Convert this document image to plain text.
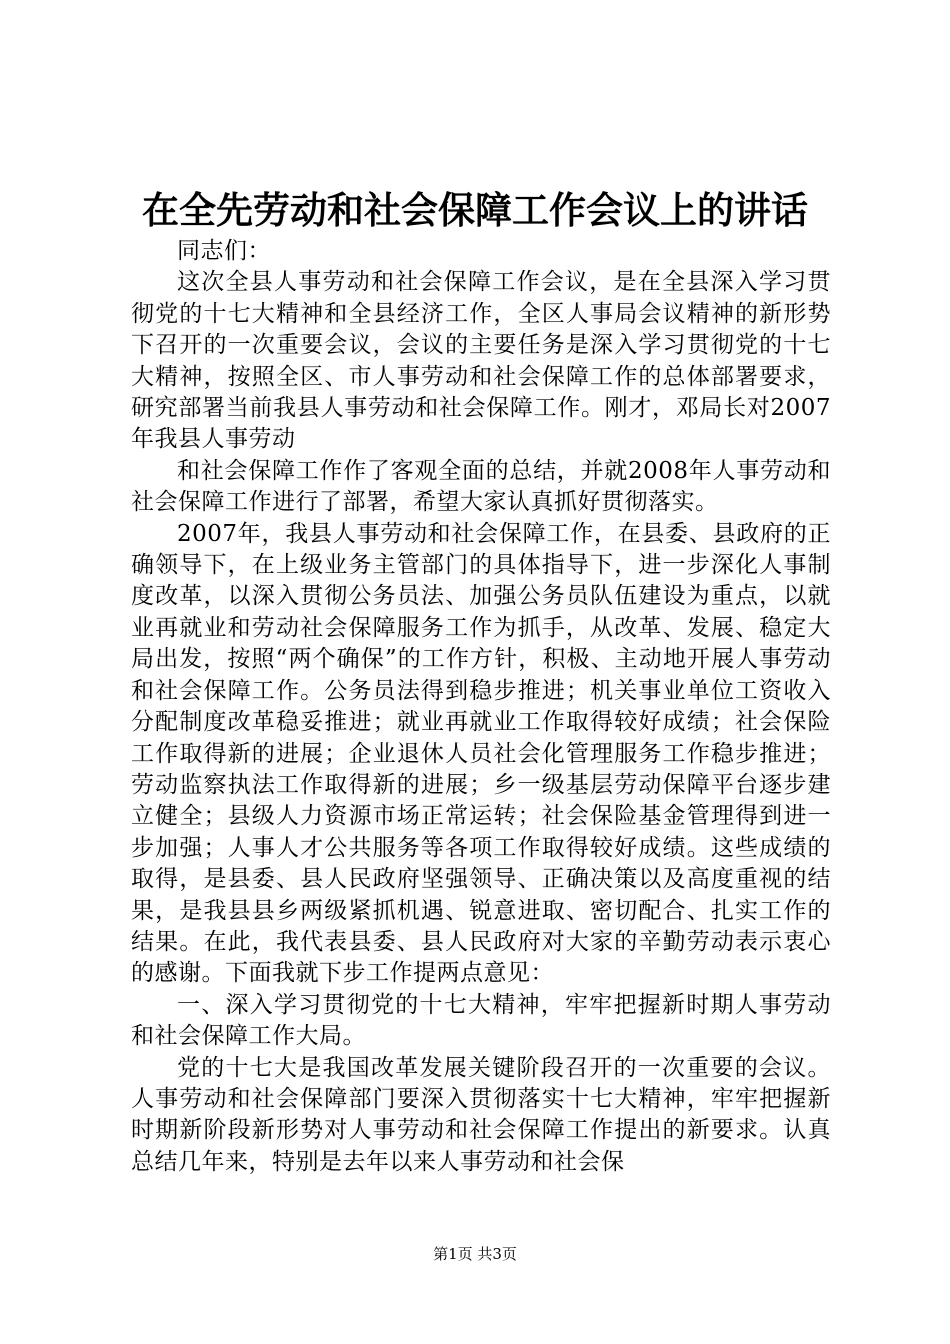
在全先劳动和社会保障工作会议上的讲话

同志们：

这次全县人事劳动和社会保障工作会议，是在全县深入学习贯彻党的十七大精神和全县经济工作，全区人事局会议精神的新形势下召开的一次重要会议，会议的主要任务是深入学习贯彻党的十七大精神，按照全区、市人事劳动和社会保障工作的总体部署要求，研究部署当前我县人事劳动和社会保障工作。刚才，邓局长对2007年我县人事劳动

和社会保障工作作了客观全面的总结，并就2008年人事劳动和社会保障工作进行了部署，希望大家认真抓好贯彻落实。

2007年，我县人事劳动和社会保障工作，在县委、县政府的正确领导下，在上级业务主管部门的具体指导下，进一步深化人事制度改革，以深入贯彻公务员法、加强公务员队伍建设为重点，以就业再就业和劳动社会保障服务工作为抓手，从改革、发展、稳定大局出发，按照“两个确保”的工作方针，积极、主动地开展人事劳动和社会保障工作。公务员法得到稳步推进；机关事业单位工资收入分配制度改革稳妥推进；就业再就业工作取得较好成绩；社会保险工作取得新的进展；企业退休人员社会化管理服务工作稳步推进；劳动监察执法工作取得新的进展；乡一级基层劳动保障平台逐步建立健全；县级人力资源市场正常运转；社会保险基金管理得到进一步加强；人事人才公共服务等各项工作取得较好成绩。这些成绩的取得，是县委、县人民政府坚强领导、正确决策以及高度重视的结果，是我县县乡两级紧抓机遇、锐意进取、密切配合、扎实工作的结果。在此，我代表县委、县人民政府对大家的辛勤劳动表示衷心的感谢。下面我就下步工作提两点意见：

一、深入学习贯彻党的十七大精神，牢牢把握新时期人事劳动和社会保障工作大局。

党的十七大是我国改革发展关键阶段召开的一次重要的会议。人事劳动和社会保障部门要深入贯彻落实十七大精神，牢牢把握新时期新阶段新形势对人事劳动和社会保障工作提出的新要求。认真总结几年来，特别是去年以来人事劳动和社会保

第1页 共3页
